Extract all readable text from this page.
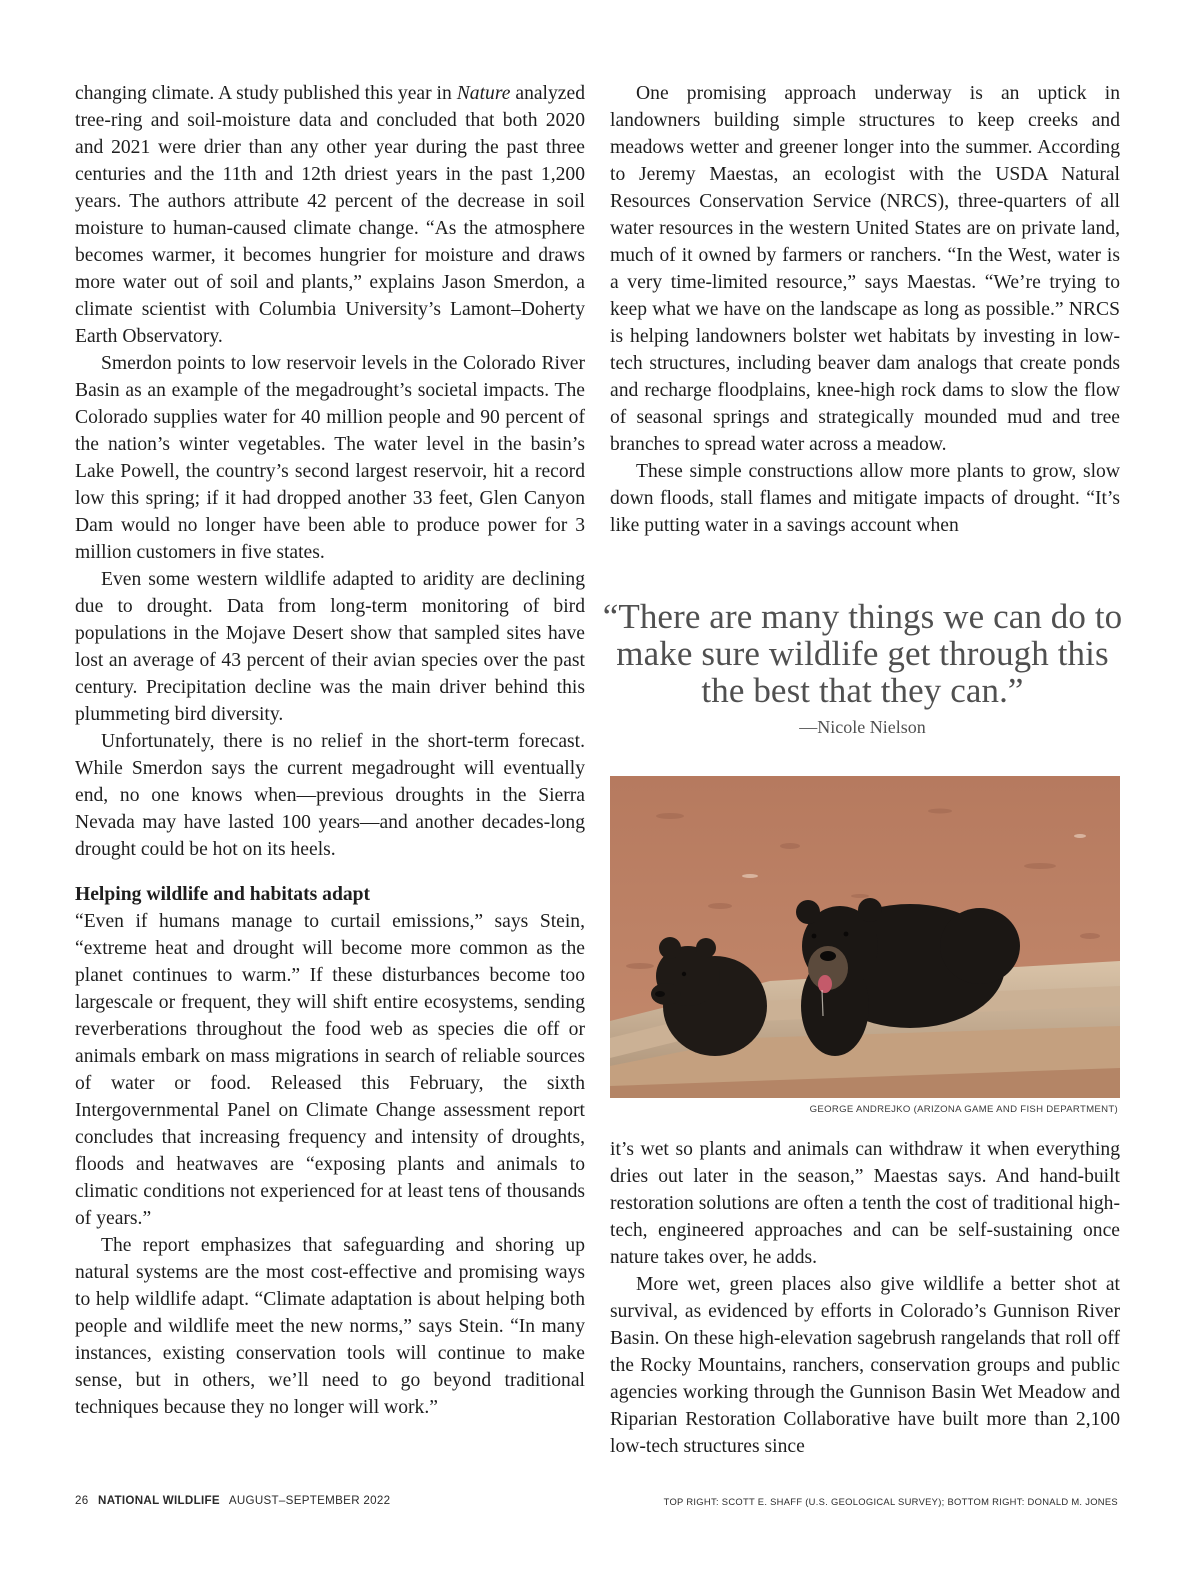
changing climate. A study published this year in Nature analyzed tree-ring and soil-moisture data and concluded that both 2020 and 2021 were drier than any other year during the past three centuries and the 11th and 12th driest years in the past 1,200 years. The authors attribute 42 percent of the decrease in soil moisture to human-caused climate change. “As the atmosphere becomes warmer, it becomes hungrier for moisture and draws more water out of soil and plants,” explains Jason Smerdon, a climate scientist with Columbia University’s Lamont–Doherty Earth Observatory.

Smerdon points to low reservoir levels in the Colorado River Basin as an example of the megadrought’s societal impacts. The Colorado supplies water for 40 million people and 90 percent of the nation’s winter vegetables. The water level in the basin’s Lake Powell, the country’s second largest reservoir, hit a record low this spring; if it had dropped another 33 feet, Glen Canyon Dam would no longer have been able to produce power for 3 million customers in five states.

Even some western wildlife adapted to aridity are declining due to drought. Data from long-term monitoring of bird populations in the Mojave Desert show that sampled sites have lost an average of 43 percent of their avian species over the past century. Precipitation decline was the main driver behind this plummeting bird diversity.

Unfortunately, there is no relief in the short-term forecast. While Smerdon says the current megadrought will eventually end, no one knows when—previous droughts in the Sierra Nevada may have lasted 100 years—and another decades-long drought could be hot on its heels.

Helping wildlife and habitats adapt

“Even if humans manage to curtail emissions,” says Stein, “extreme heat and drought will become more common as the planet continues to warm.” If these disturbances become too largescale or frequent, they will shift entire ecosystems, sending reverberations throughout the food web as species die off or animals embark on mass migrations in search of reliable sources of water or food. Released this February, the sixth Intergovernmental Panel on Climate Change assessment report concludes that increasing frequency and intensity of droughts, floods and heatwaves are “exposing plants and animals to climatic conditions not experienced for at least tens of thousands of years.”

The report emphasizes that safeguarding and shoring up natural systems are the most cost-effective and promising ways to help wildlife adapt. “Climate adaptation is about helping both people and wildlife meet the new norms,” says Stein. “In many instances, existing conservation tools will continue to make sense, but in others, we’ll need to go beyond traditional techniques because they no longer will work.”

One promising approach underway is an uptick in landowners building simple structures to keep creeks and meadows wetter and greener longer into the summer. According to Jeremy Maestas, an ecologist with the USDA Natural Resources Conservation Service (NRCS), three-quarters of all water resources in the western United States are on private land, much of it owned by farmers or ranchers. “In the West, water is a very time-limited resource,” says Maestas. “We’re trying to keep what we have on the landscape as long as possible.” NRCS is helping landowners bolster wet habitats by investing in low-tech structures, including beaver dam analogs that create ponds and recharge floodplains, knee-high rock dams to slow the flow of seasonal springs and strategically mounded mud and tree branches to spread water across a meadow.

These simple constructions allow more plants to grow, slow down floods, stall flames and mitigate impacts of drought. “It’s like putting water in a savings account when

“There are many things we can do to make sure wildlife get through this the best that they can.”

—Nicole Nielson

GEORGE ANDREJKO (ARIZONA GAME AND FISH DEPARTMENT)

it’s wet so plants and animals can withdraw it when everything dries out later in the season,” Maestas says. And hand-built restoration solutions are often a tenth the cost of traditional high-tech, engineered approaches and can be self-sustaining once nature takes over, he adds.

More wet, green places also give wildlife a better shot at survival, as evidenced by efforts in Colorado’s Gunnison River Basin. On these high-elevation sagebrush rangelands that roll off the Rocky Mountains, ranchers, conservation groups and public agencies working through the Gunnison Basin Wet Meadow and Riparian Restoration Collaborative have built more than 2,100 low-tech structures since

26 NATIONAL WILDLIFE AUGUST–SEPTEMBER 2022	TOP RIGHT: SCOTT E. SHAFF (U.S. GEOLOGICAL SURVEY); BOTTOM RIGHT: DONALD M. JONES
